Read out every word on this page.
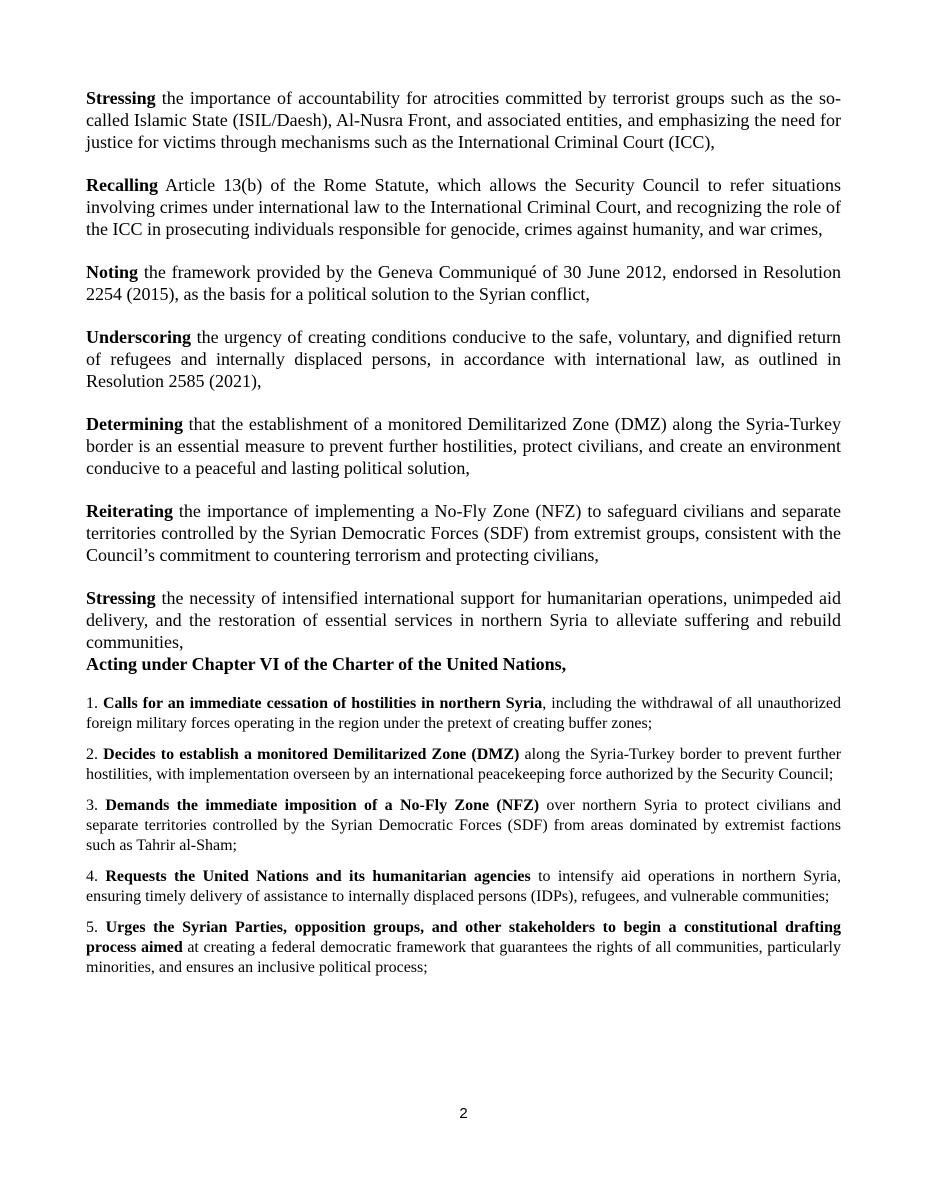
Stressing the importance of accountability for atrocities committed by terrorist groups such as the so-called Islamic State (ISIL/Daesh), Al-Nusra Front, and associated entities, and emphasizing the need for justice for victims through mechanisms such as the International Criminal Court (ICC),

Recalling Article 13(b) of the Rome Statute, which allows the Security Council to refer situations involving crimes under international law to the International Criminal Court, and recognizing the role of the ICC in prosecuting individuals responsible for genocide, crimes against humanity, and war crimes,

Noting the framework provided by the Geneva Communiqué of 30 June 2012, endorsed in Resolution 2254 (2015), as the basis for a political solution to the Syrian conflict,

Underscoring the urgency of creating conditions conducive to the safe, voluntary, and dignified return of refugees and internally displaced persons, in accordance with international law, as outlined in Resolution 2585 (2021),

Determining that the establishment of a monitored Demilitarized Zone (DMZ) along the Syria-Turkey border is an essential measure to prevent further hostilities, protect civilians, and create an environment conducive to a peaceful and lasting political solution,

Reiterating the importance of implementing a No-Fly Zone (NFZ) to safeguard civilians and separate territories controlled by the Syrian Democratic Forces (SDF) from extremist groups, consistent with the Council’s commitment to countering terrorism and protecting civilians,

Stressing the necessity of intensified international support for humanitarian operations, unimpeded aid delivery, and the restoration of essential services in northern Syria to alleviate suffering and rebuild communities,

Acting under Chapter VI of the Charter of the United Nations,

1. Calls for an immediate cessation of hostilities in northern Syria, including the withdrawal of all unauthorized foreign military forces operating in the region under the pretext of creating buffer zones;

2. Decides to establish a monitored Demilitarized Zone (DMZ) along the Syria-Turkey border to prevent further hostilities, with implementation overseen by an international peacekeeping force authorized by the Security Council;

3. Demands the immediate imposition of a No-Fly Zone (NFZ) over northern Syria to protect civilians and separate territories controlled by the Syrian Democratic Forces (SDF) from areas dominated by extremist factions such as Tahrir al-Sham;

4. Requests the United Nations and its humanitarian agencies to intensify aid operations in northern Syria, ensuring timely delivery of assistance to internally displaced persons (IDPs), refugees, and vulnerable communities;

5. Urges the Syrian Parties, opposition groups, and other stakeholders to begin a constitutional drafting process aimed at creating a federal democratic framework that guarantees the rights of all communities, particularly minorities, and ensures an inclusive political process;

2
